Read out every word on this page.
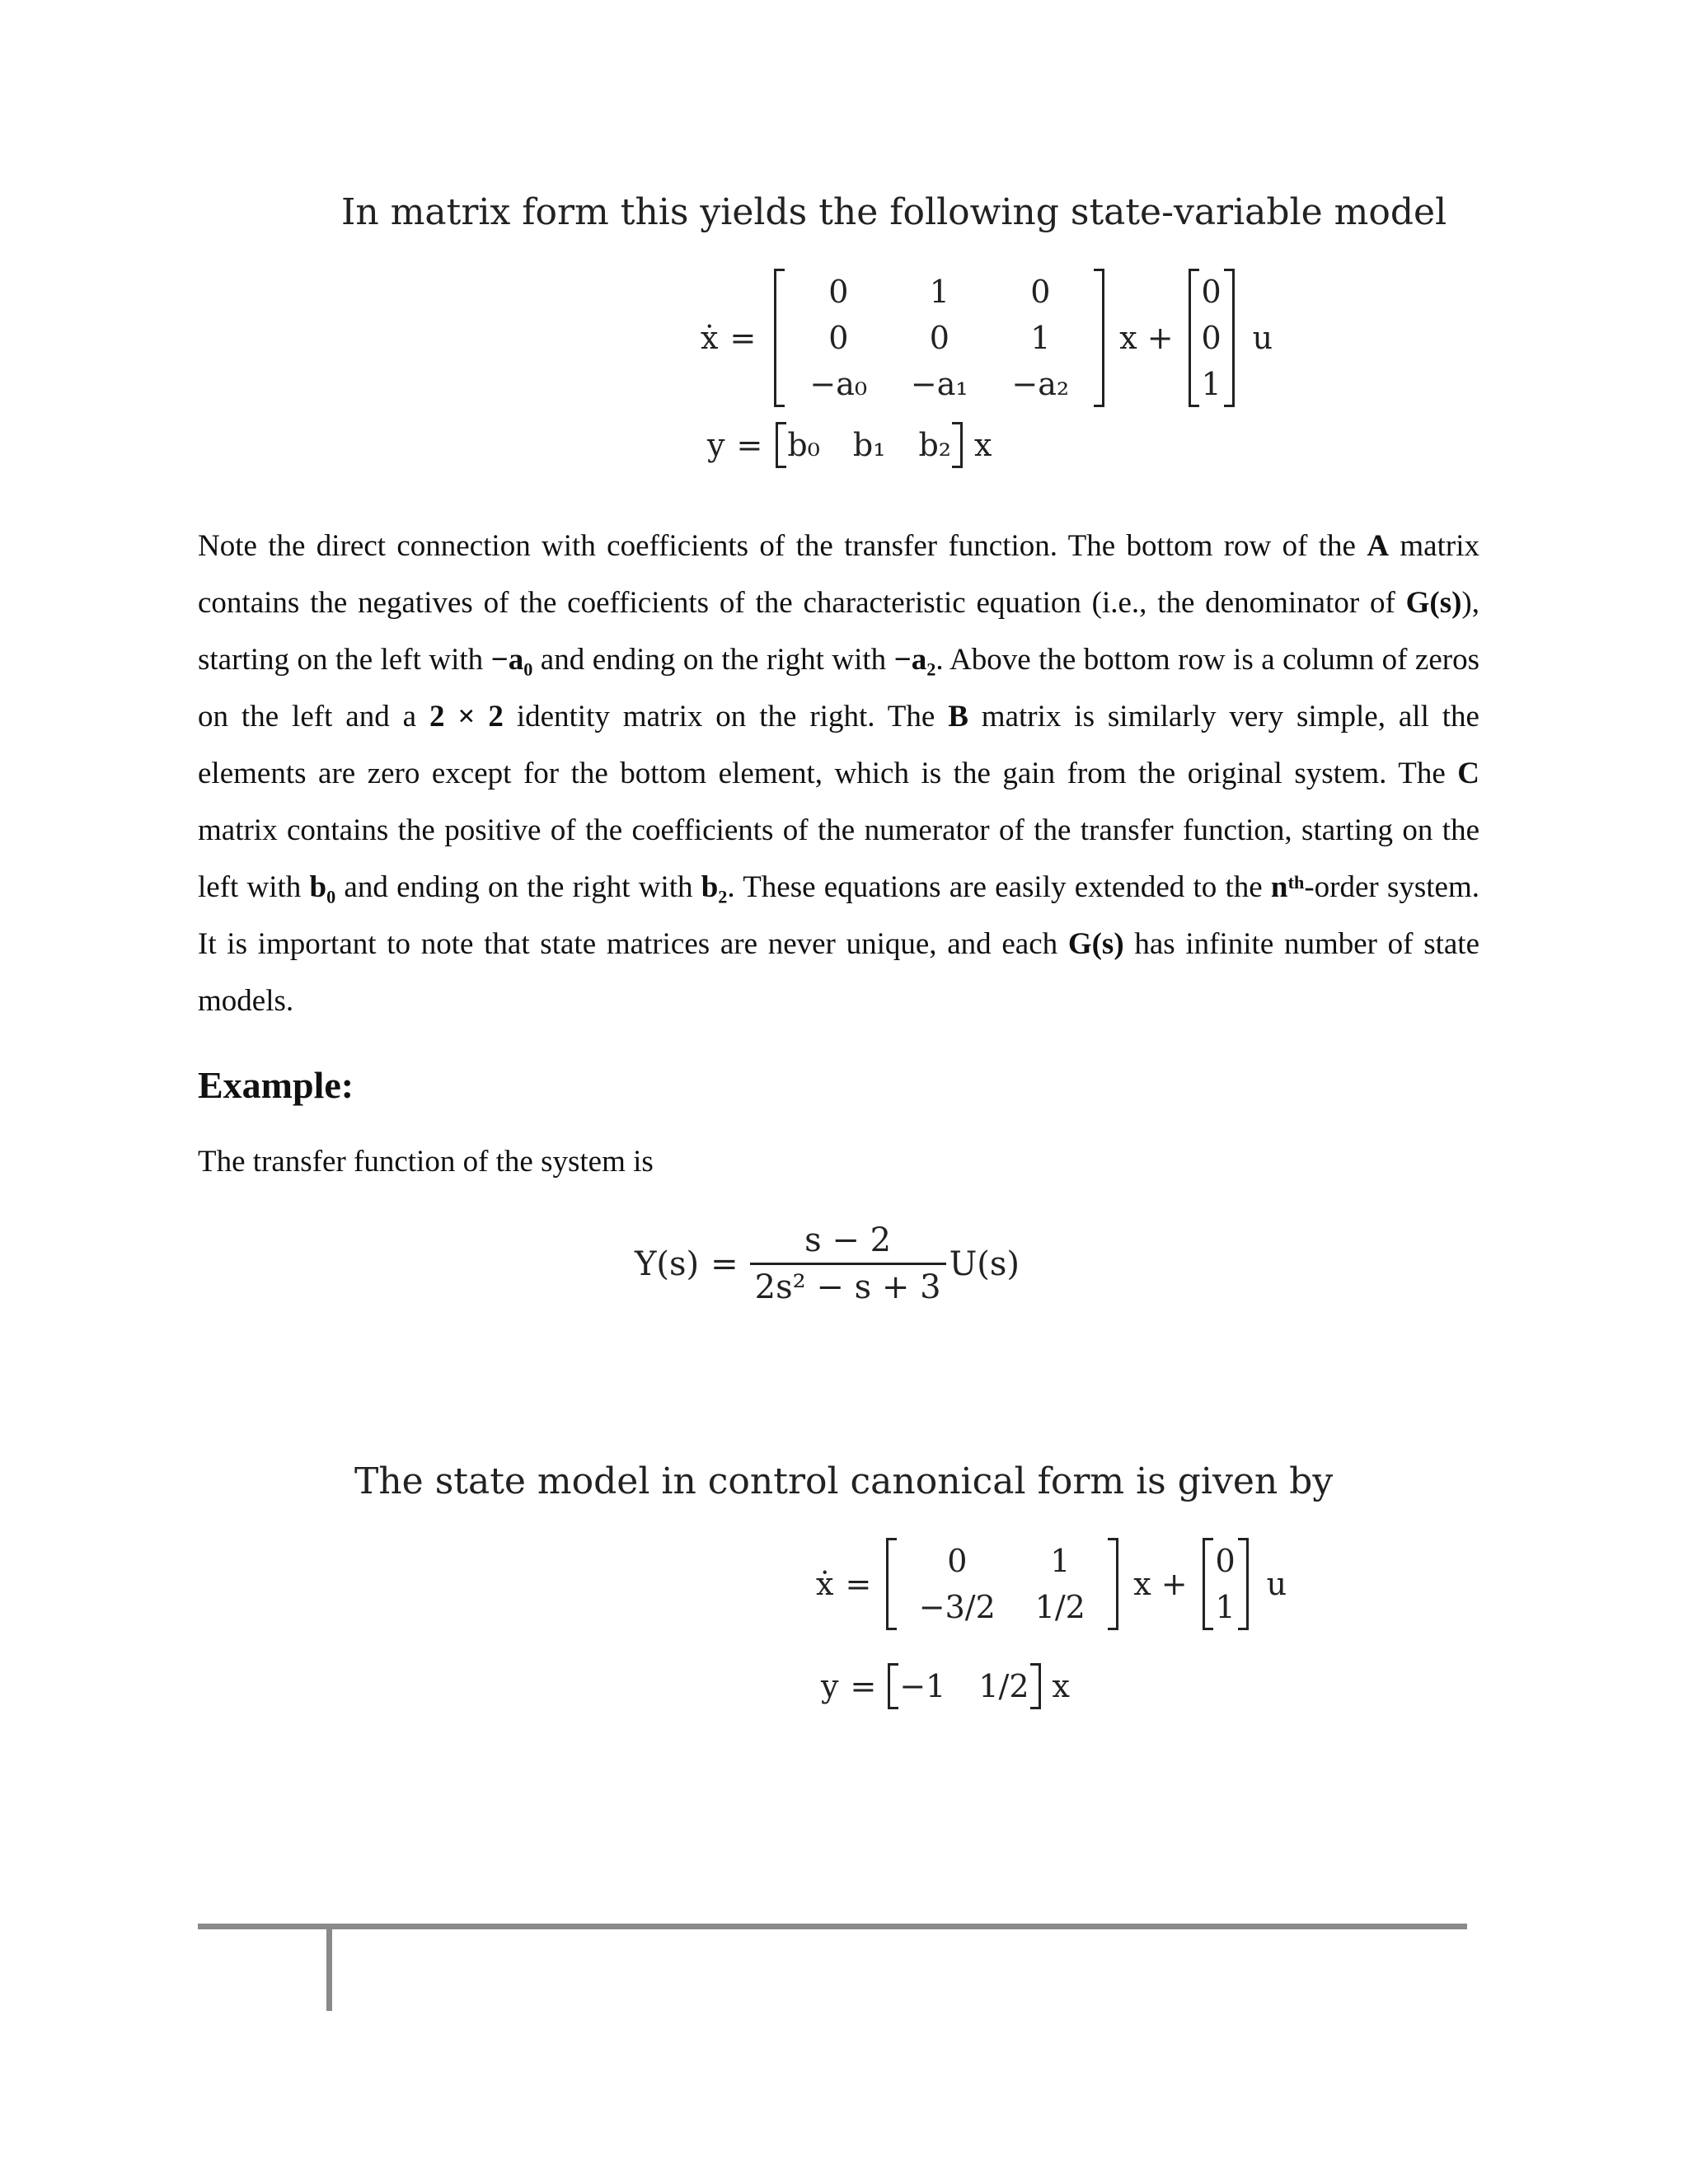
In matrix form this yields the following state-variable model
ẋ =
0	1	0
0	0	1
−a₀	−a₁	−a₂
x +
0
0
1
u
y = b₀ b₁ b₂ x
Note the direct connection with coefficients of the transfer function. The bottom row of the A matrix contains the negatives of the coefficients of the characteristic equation (i.e., the denominator of G(s)), starting on the left with −a₀ and ending on the right with −a₂. Above the bottom row is a column of zeros on the left and a 2 × 2 identity matrix on the right. The B matrix is similarly very simple, all the elements are zero except for the bottom element, which is the gain from the original system. The C matrix contains the positive of the coefficients of the numerator of the transfer function, starting on the left with b₀ and ending on the right with b₂. These equations are easily extended to the nᵗʰ-order system. It is important to note that state matrices are never unique, and each G(s) has infinite number of state models.
Example:
The transfer function of the system is
$Y(s) = \frac{s - 2}{\text{2s² − s + 3}} U(s)$
The state model in control canonical form is given by
ẋ =
0	1
−3/2	1/2
x +
0
1
u
y = −1 1/2 x
